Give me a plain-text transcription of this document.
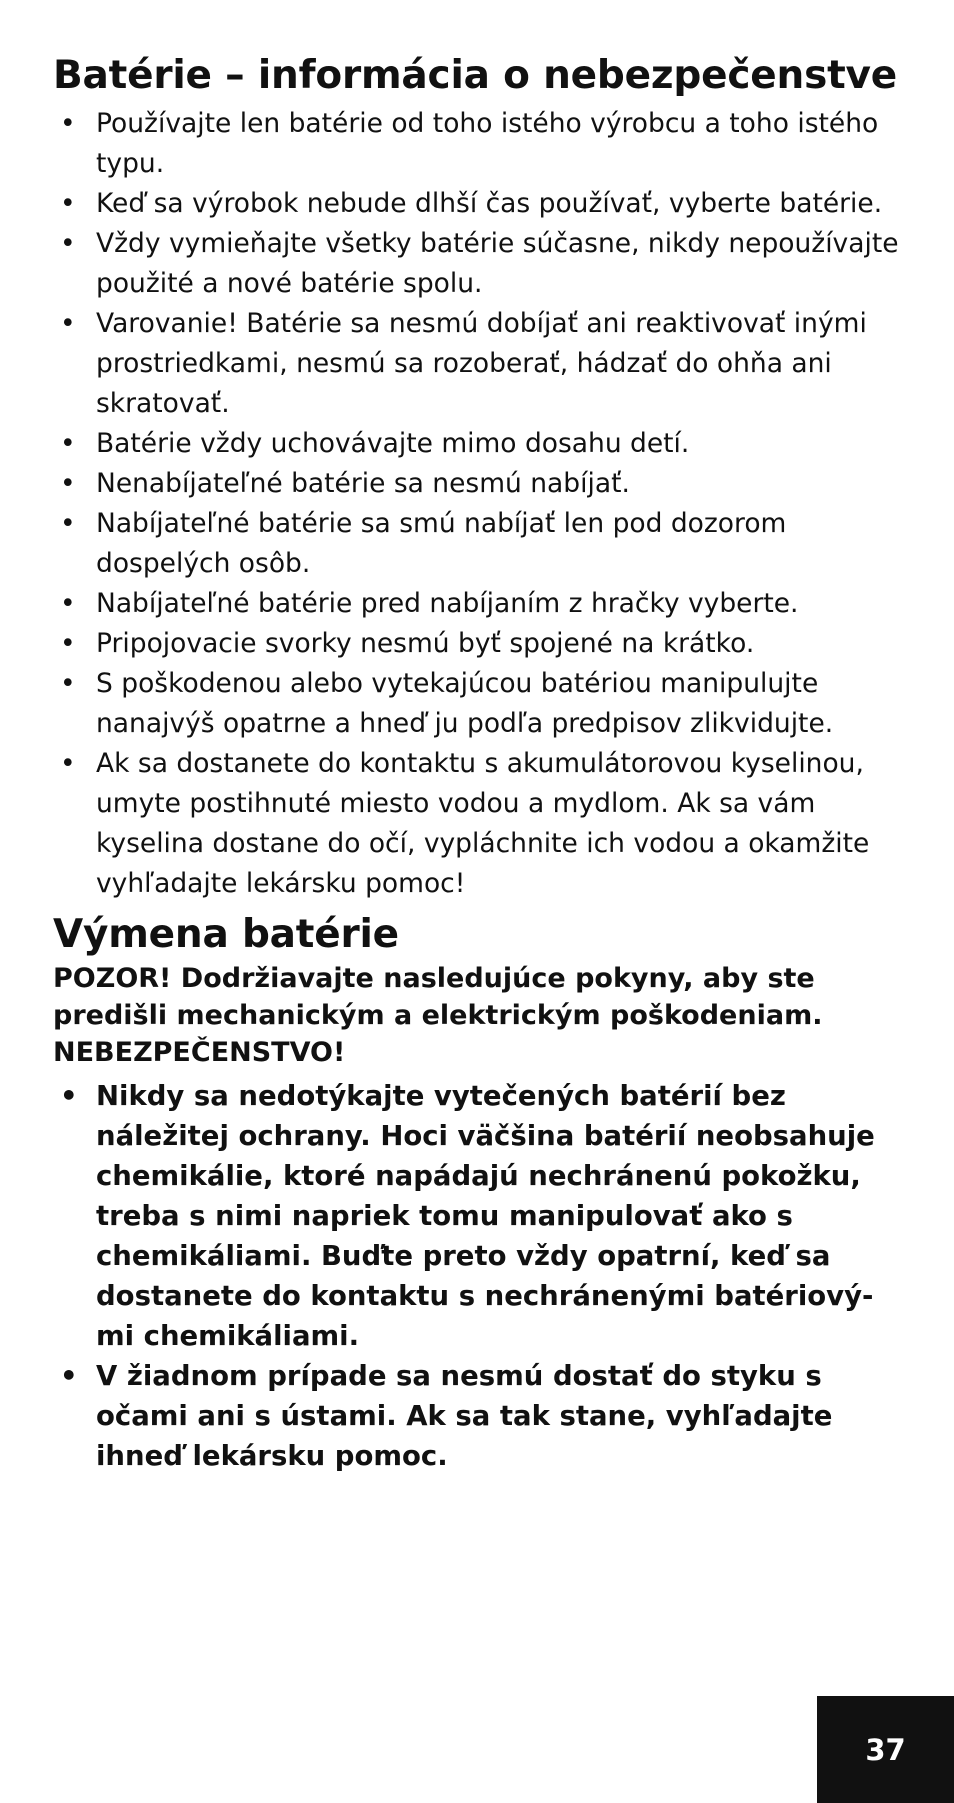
Batérie – informácia o nebezpečenstve
• Používajte len batérie od toho istého výrobcu a toho istého typu.
• Keď sa výrobok nebude dlhší čas používať, vyberte batérie.
• Vždy vymieňajte všetky batérie súčasne, nikdy nepoužívajte použité a nové batérie spolu.
• Varovanie! Batérie sa nesmú dobíjať ani reaktivovať inými prostriedkami, nesmú sa rozoberať, hádzať do ohňa ani skratovať.
• Batérie vždy uchovávajte mimo dosahu detí.
• Nenabíjateľné batérie sa nesmú nabíjať.
• Nabíjateľné batérie sa smú nabíjať len pod dozorom dospelých osôb.
• Nabíjateľné batérie pred nabíjaním z hračky vyberte.
• Pripojovacie svorky nesmú byť spojené na krátko.
• S poškodenou alebo vytekajúcou batériou manipulujte nanajvýš opatrne a hneď ju podľa predpisov zlikvidujte.
• Ak sa dostanete do kontaktu s akumulátorovou kyselinou, umyte postihnuté miesto vodou a mydlom. Ak sa vám kyselina dostane do očí, vypláchnite ich vodou a okamžite vyhľadajte lekársku pomoc!
Výmena batérie

POZOR! Dodržiavajte nasledujúce pokyny, aby ste predišli mechanickým a elektrickým poškodeniam.
NEBEZPEČENSTVO!

• Nikdy sa nedotýkajte vytečených batérií bez náležitej ochrany. Hoci väčšina batérií neobsahuje chemikálie, ktoré napádajú nechránenú pokožku, treba s nimi napriek tomu manipulovať ako s chemikáliami. Buďte preto vždy opatrní, keď sa dostanete do kontaktu s nechránenými batériový-mi chemikáliami.
• V žiadnom prípade sa nesmú dostať do styku s očami ani s ústami. Ak sa tak stane, vyhľadajte ihneď lekársku pomoc.
37
